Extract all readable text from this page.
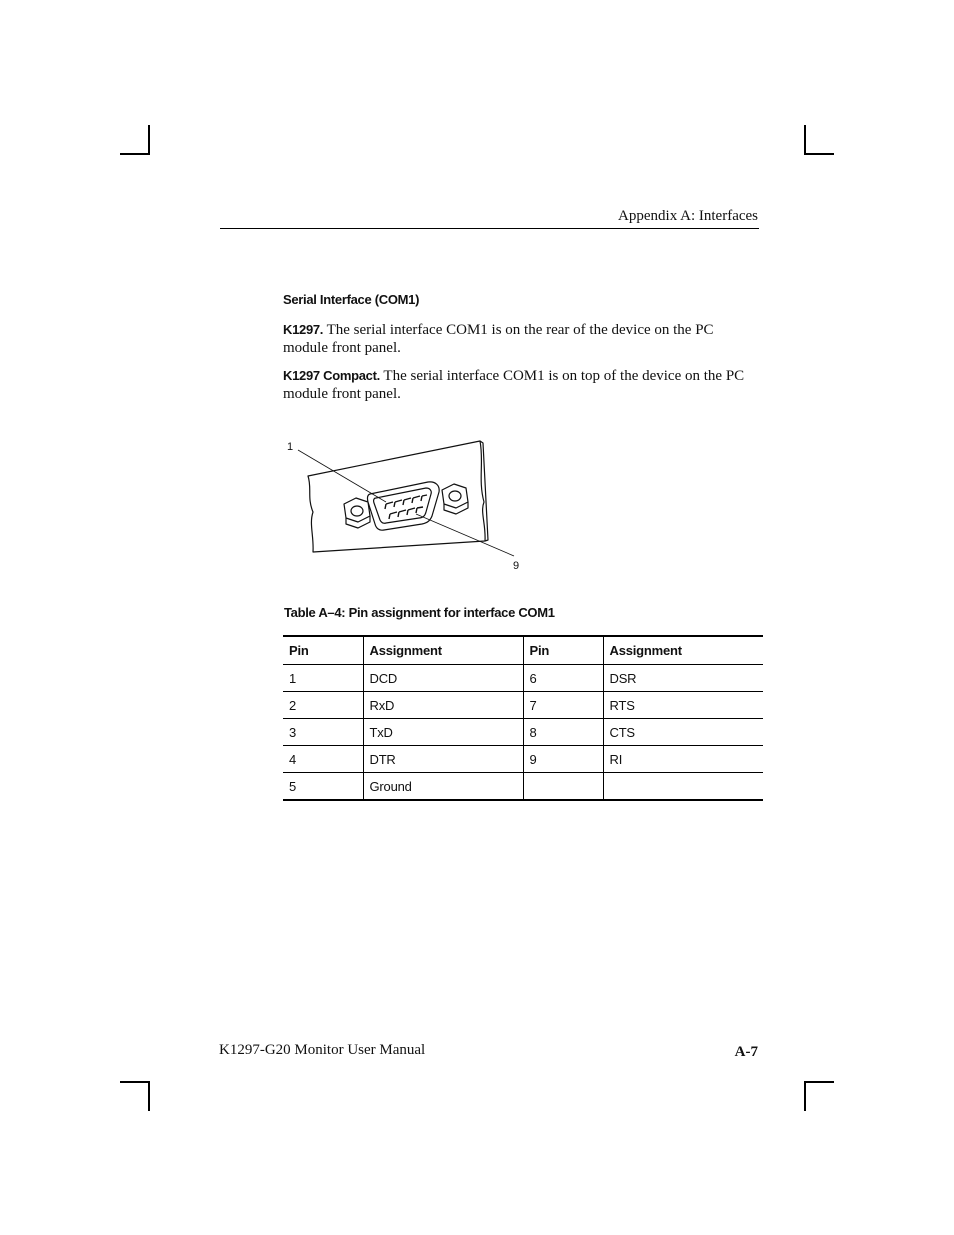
Appendix A: Interfaces
Serial Interface (COM1)
K1297. The serial interface COM1 is on the rear of the device on the PC module front panel.
K1297 Compact. The serial interface COM1 is on top of the device on the PC module front panel.
1
9
Table A–4: Pin assignment for interface COM1
Pin	Assignment	Pin	Assignment
1	DCD	6	DSR
2	RxD	7	RTS
3	TxD	8	CTS
4	DTR	9	RI
5	Ground		
K1297-G20 Monitor User Manual	A-7
